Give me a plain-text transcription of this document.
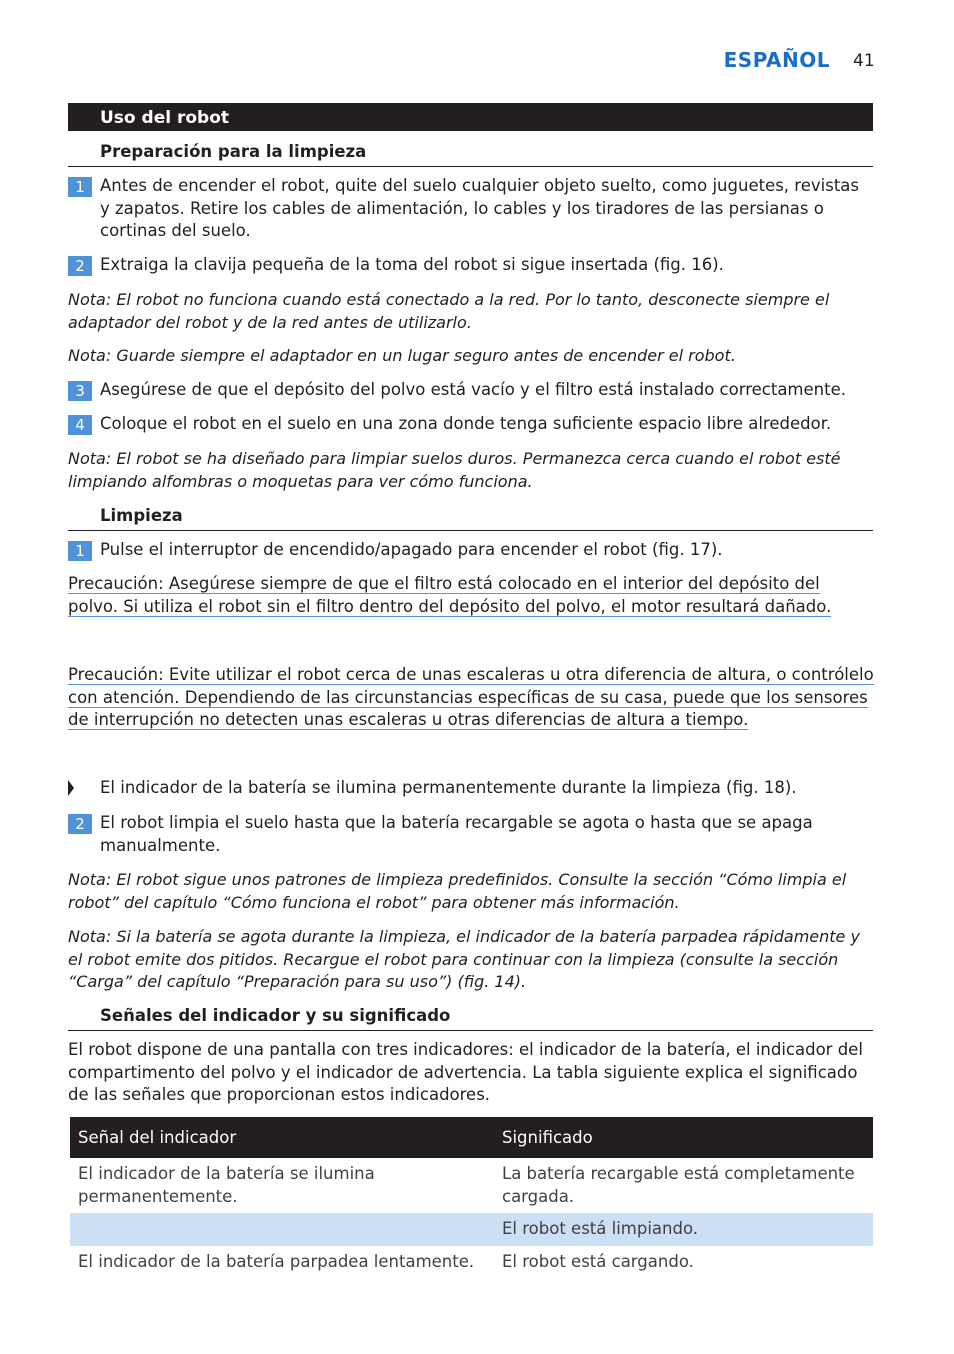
ESPAÑOL 41
Uso del robot
Preparación para la limpieza
1 Antes de encender el robot, quite del suelo cualquier objeto suelto, como juguetes, revistas y zapatos. Retire los cables de alimentación, lo cables y los tiradores de las persianas o cortinas del suelo.
2 Extraiga la clavija pequeña de la toma del robot si sigue insertada (fig. 16).
Nota: El robot no funciona cuando está conectado a la red. Por lo tanto, desconecte siempre el adaptador del robot y de la red antes de utilizarlo.
Nota: Guarde siempre el adaptador en un lugar seguro antes de encender el robot.
3 Asegúrese de que el depósito del polvo está vacío y el filtro está instalado correctamente.
4 Coloque el robot en el suelo en una zona donde tenga suficiente espacio libre alrededor.
Nota: El robot se ha diseñado para limpiar suelos duros. Permanezca cerca cuando el robot esté limpiando alfombras o moquetas para ver cómo funciona.
Limpieza
1 Pulse el interruptor de encendido/apagado para encender el robot (fig. 17).
Precaución: Asegúrese siempre de que el filtro está colocado en el interior del depósito del
polvo. Si utiliza el robot sin el filtro dentro del depósito del polvo, el motor resultará dañado.
Precaución: Evite utilizar el robot cerca de unas escaleras u otra diferencia de altura, o contrólelo
con atención. Dependiendo de las circunstancias específicas de su casa, puede que los sensores
de interrupción no detecten unas escaleras u otras diferencias de altura a tiempo.
El indicador de la batería se ilumina permanentemente durante la limpieza (fig. 18).
2 El robot limpia el suelo hasta que la batería recargable se agota o hasta que se apaga manualmente.
Nota: El robot sigue unos patrones de limpieza predefinidos. Consulte la sección “Cómo limpia el robot” del capítulo “Cómo funciona el robot” para obtener más información.
Nota: Si la batería se agota durante la limpieza, el indicador de la batería parpadea rápidamente y el robot emite dos pitidos. Recargue el robot para continuar con la limpieza (consulte la sección “Carga” del capítulo “Preparación para su uso”) (fig. 14).
Señales del indicador y su significado
El robot dispone de una pantalla con tres indicadores: el indicador de la batería, el indicador del compartimento del polvo y el indicador de advertencia. La tabla siguiente explica el significado de las señales que proporcionan estos indicadores.
Señal del indicador	Significado
El indicador de la batería se ilumina permanentemente.	La batería recargable está completamente cargada.
	El robot está limpiando.
El indicador de la batería parpadea lentamente.	El robot está cargando.
